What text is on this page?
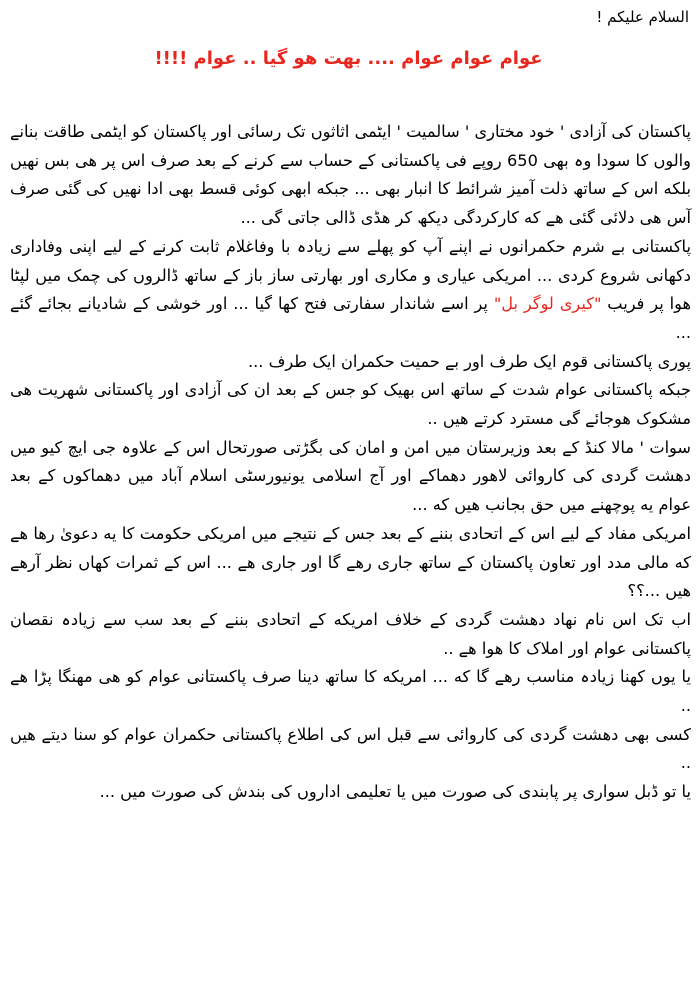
السلام علیکم !
عوام عوام عوام .... بھت ھو گیا .. عوام !!!!

پاکستان کی آزادی ' خود مختاری ' سالمیت ' ایٹمی اثاثوں تک رسائی اور پاکستان کو ایٹمی طاقت بنانے والوں کا سودا وہ بھی 650 روپے فی پاکستانی کے حساب سے کرنے کے بعد صرف اس پر ھی بس نھیں بلکه اس کے ساتھ ذلت آمیز شرائط کا انبار بھی ... جبکه ابھی کوئی قسط بھی ادا نھیں کی گئی صرف آس ھی دلائی گئی ھے که کارکردگی دیکھ کر ھڈی ڈالی جاتی گی ...

پاکستانی بے شرم حکمرانوں نے اپنے آپ کو پھلے سے زیادہ با وفاغلام ثابت کرنے کے لیے اپنی وفاداری دکھانی شروع کردی ... امریکی عیاری و مکاری اور بھارتی ساز باز کے ساتھ ڈالروں کی چمک میں لپٹا ھوا پر فریب "کیری لوگر بل" پر اسے شاندار سفارتی فتح کھا گیا ... اور خوشی کے شادیانے بجائے گئے ...

پوری پاکستانی قوم ایک طرف اور بے حمیت حکمران ایک طرف ...

جبکه پاکستانی عوام شدت کے ساتھ اس بھیک کو جس کے بعد ان کی آزادی اور پاکستانی شھریت ھی مشکوک ھوجائے گی مسترد کرتے ھیں ..

سوات ' مالا کنڈ کے بعد وزیرستان میں امن و امان کی بگڑتی صورتحال اس کے علاوہ جی ایچ کیو میں دھشت گردی کی کاروائی لاھور دھماکے اور آج اسلامی یونیورسٹی اسلام آباد میں دھماکوں کے بعد عوام یه پوچھنے میں حق بجانب ھیں که ...

امریکی مفاد کے لیے اس کے اتحادی بننے کے بعد جس کے نتیجے میں امریکی حکومت کا یه دعویٰ رھا ھے که مالی مدد اور تعاون پاکستان کے ساتھ جاری رھے گا اور جاری ھے ... اس کے ثمرات کھاں نظر آرھے ھیں ...؟؟

اب تک اس نام نھاد دھشت گردی کے خلاف امریکه کے اتحادی بننے کے بعد سب سے زیادہ نقصان پاکستانی عوام اور املاک کا ھوا ھے ..

یا یوں کھنا زیادہ مناسب رھے گا که ... امریکه کا ساتھ دینا صرف پاکستانی عوام کو ھی مھنگا پڑا ھے ..

کسی بھی دھشت گردی کی کاروائی سے قبل اس کی اطلاع پاکستانی حکمران عوام کو سنا دیتے ھیں ..

یا تو ڈبل سواری پر پابندی کی صورت میں یا تعلیمی اداروں کی بندش کی صورت میں ...
